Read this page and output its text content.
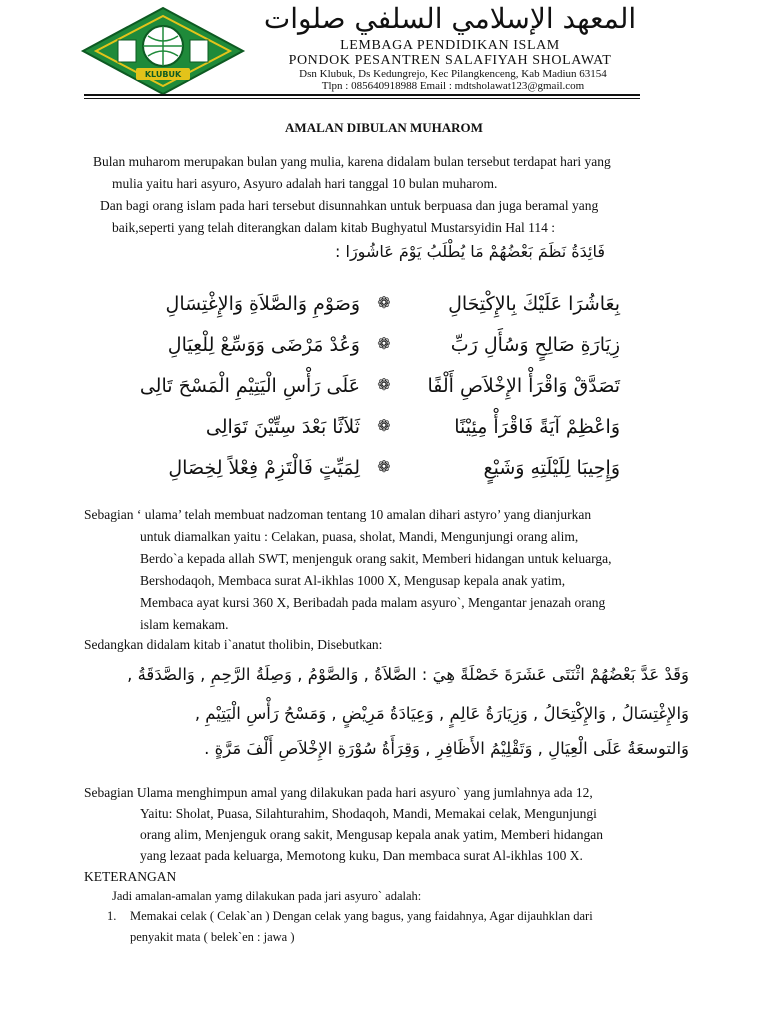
KLUBUK
المعهد الإسلامي السلفي صلوات
LEMBAGA PENDIDIKAN ISLAM
PONDOK PESANTREN SALAFIYAH SHOLAWAT
Dsn Klubuk, Ds Kedungrejo, Kec Pilangkenceng, Kab Madiun 63154
Tlpn : 085640918988 Email : mdtsholawat123@gmail.com
AMALAN DIBULAN MUHAROM
Bulan muharom merupakan bulan yang mulia, karena didalam bulan tersebut terdapat hari yang
mulia yaitu hari asyuro, Asyuro adalah hari tanggal 10 bulan muharom.
Dan bagi orang islam pada hari tersebut disunnahkan untuk berpuasa dan juga beramal yang
baik,seperti yang telah diterangkan dalam kitab Bughyatul Mustarsyidin Hal 114 :
فَائِدَةُ نَظَمَ بَعْضُهُمْ مَا يُطْلَبُ يَوْمَ عَاشُورَا :
بِعَاشُرَا عَلَيْكَ بِالإِكْتِحَالِ
❁
وَصَوْمِ وَالصَّلاَةِ وَالإِغْتِسَالِ
زِيَارَةِ صَالِحٍ وَسُأَلِ رَبِّ
❁
وَعُدْ مَرْضَى وَوَسِّعْ لِلْعِيَالِ
تَصَدَّقْ وَاقْرَأْ الإِخْلاَصِ أَلْفًا
❁
عَلَى رَأْسِ الْيَتِيْمِ الْمَسْحَ تَالِى
وَاعْظِمْ آيَةً فَاقْرَأْ مِئِيْنًا
❁
ثَلاَثًا بَعْدَ سِتِّيْنَ تَوَالِى
وَإِحِيبَا لِلَيْلَتِهِ وَشَيْعٍ
❁
لِمَيِّتٍ فَالْتَزِمْ فِعْلاً لِخِصَالِ
Sebagian ‘ ulama’ telah membuat nadzoman tentang 10 amalan dihari astyro’ yang dianjurkan
untuk diamalkan yaitu : Celakan, puasa, sholat, Mandi, Mengunjungi orang alim,
Berdo`a kepada allah SWT, menjenguk orang sakit, Memberi hidangan untuk keluarga,
Bershodaqoh, Membaca surat Al-ikhlas 1000 X, Mengusap kepala anak yatim,
Membaca ayat kursi 360 X, Beribadah pada malam asyuro`, Mengantar jenazah orang
islam kemakam.
Sedangkan didalam kitab i`anatut tholibin, Disebutkan:
وَقَدْ عَدَّ بَعْضُهُمْ اثْنَتَى عَشَرَةَ خَصْلَةً هِيَ : الصَّلاَةُ , وَالصَّوْمُ , وَصِلَةُ الرَّحِمِ , وَالصَّدَقَةُ ,
وَالإِغْتِسَالُ , وَالإِكْتِحَالُ , وَزِيَارَةُ عَالِمٍ , وَعِيَادَةُ مَرِيْضٍ , وَمَسْحُ رَأْسِ الْيَتِيْمِ ,
وَالتوسعَةُ عَلَى الْعِيَالِ , وَتَقْلِيْمُ الأَظَافِرِ , وَقِرَأَةُ سُوْرَةِ الإِخْلاَصِ أَلْفَ مَرَّةٍ .
Sebagian Ulama menghimpun amal yang dilakukan pada hari asyuro` yang jumlahnya ada 12,
Yaitu: Sholat, Puasa, Silahturahim, Shodaqoh, Mandi, Memakai celak, Mengunjungi
orang alim, Menjenguk orang sakit, Mengusap kepala anak yatim, Memberi hidangan
yang lezaat pada keluarga, Memotong kuku, Dan membaca surat Al-ikhlas 100 X.
KETERANGAN
Jadi amalan-amalan yamg dilakukan pada jari asyuro` adalah:
1. Memakai celak ( Celak`an ) Dengan celak yang bagus, yang faidahnya, Agar dijauhklan dari
penyakit mata ( belek`en : jawa )
